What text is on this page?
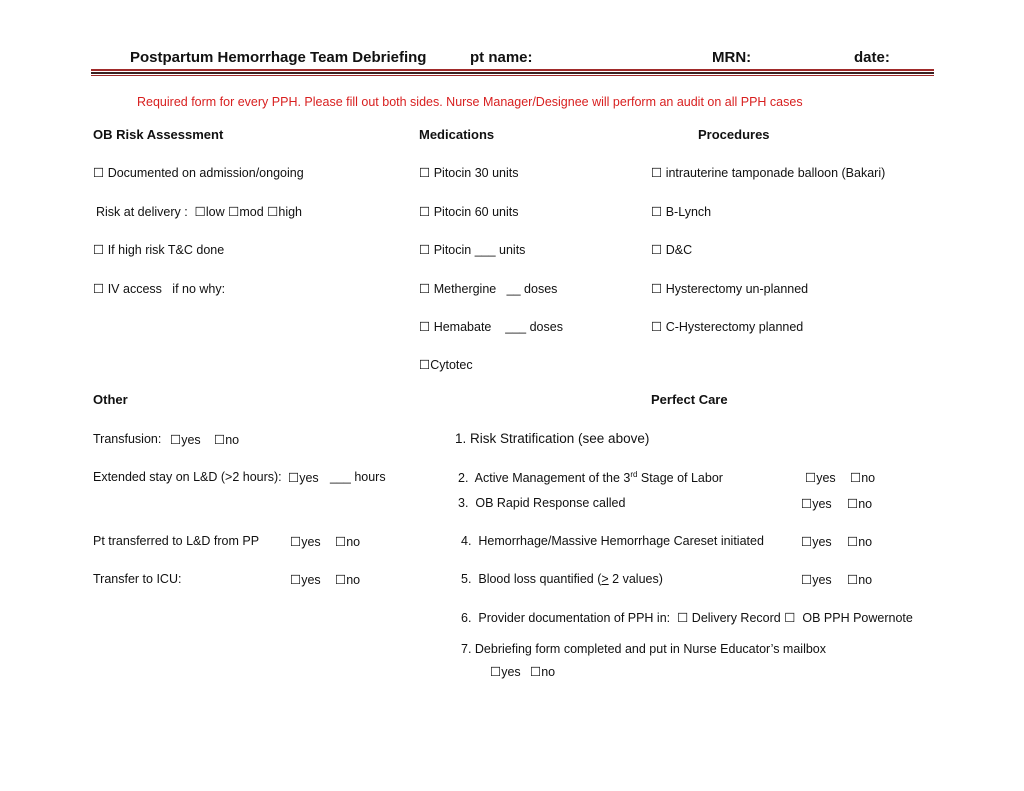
Postpartum Hemorrhage Team Debriefing	pt name:	MRN:	date:
Required form for every PPH. Please fill out both sides. Nurse Manager/Designee will perform an audit on all PPH cases
OB Risk Assessment	Medications	Procedures
☐ Documented on admission/ongoing
Risk at delivery : ☐low ☐mod ☐high
☐ If high risk T&C done
☐ IV access   if no why:
☐ Pitocin 30 units
☐ Pitocin 60 units
☐ Pitocin ___ units
☐ Methergine   __ doses
☐ Hemabate    ___ doses
☐Cytotec
☐ intrauterine tamponade balloon (Bakari)
☐ B-Lynch
☐ D&C
☐ Hysterectomy un-planned
☐ C-Hysterectomy planned
Other	Perfect Care
Transfusion: ☐yes ☐no
Extended stay on L&D (>2 hours): ☐yes ___ hours
Pt transferred to L&D from PP ☐yes ☐no
Transfer to ICU:	☐yes ☐no
1. Risk Stratification (see above)
2.  Active Management of the 3rd Stage of Labor	☐yes ☐no
3.  OB Rapid Response called	☐yes ☐no
4.  Hemorrhage/Massive Hemorrhage Careset initiated	☐yes ☐no
5.  Blood loss quantified (> 2 values)	☐yes ☐no
6.  Provider documentation of PPH in: ☐ Delivery Record ☐ OB PPH Powernote
7. Debriefing form completed and put in Nurse Educator’s mailbox
☐yes ☐no
